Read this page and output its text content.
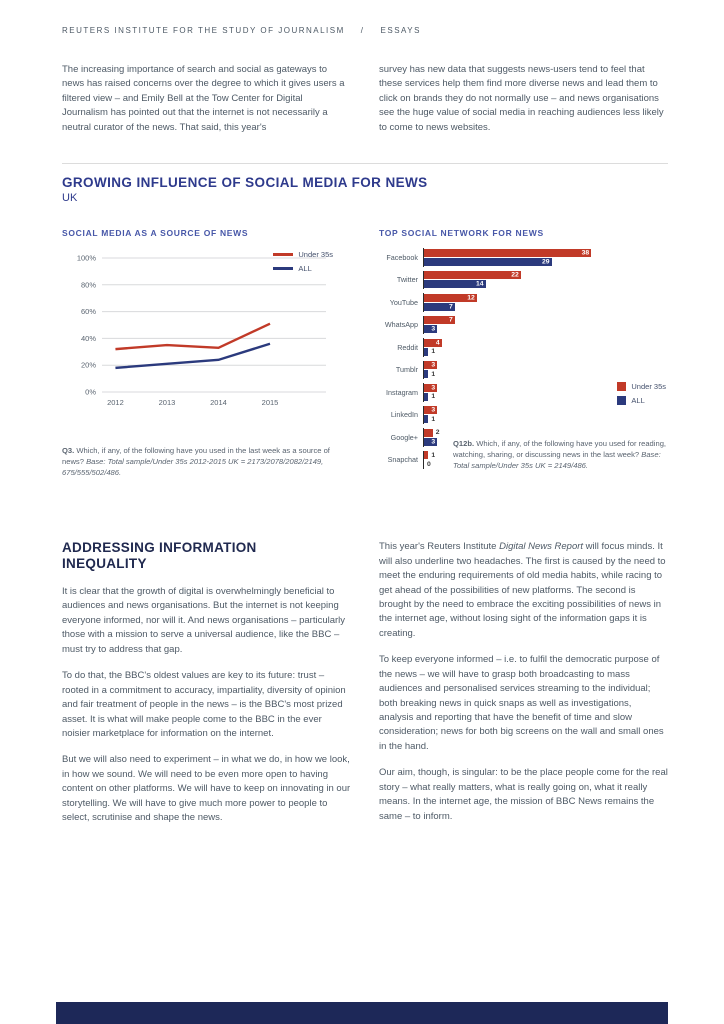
REUTERS INSTITUTE FOR THE STUDY OF JOURNALISM / ESSAYS

The increasing importance of search and social as gateways to news has raised concerns over the degree to which it gives users a filtered view – and Emily Bell at the Tow Center for Digital Journalism has pointed out that the internet is not necessarily a neutral curator of the news. That said, this year's

survey has new data that suggests news-users tend to feel that these services help them find more diverse news and lead them to click on brands they do not normally use – and news organisations see the huge value of social media in reaching audiences less likely to come to news websites.

GROWING INFLUENCE OF SOCIAL MEDIA FOR NEWS
UK
SOCIAL MEDIA AS A SOURCE OF NEWS
0%
20%
40%
60%
80%
100%
2012	2013	2014	2015
Under 35s
ALL
Q3. Which, if any, of the following have you used in the last week as a source of news? Base: Total sample/Under 35s 2012-2015 UK = 2173/2078/2082/2149, 675/555/502/486.
TOP SOCIAL NETWORK FOR NEWS
Facebook
38
29
Twitter
22
14
YouTube
12
7
WhatsApp
7
3
Reddit
4
1
Tumblr
3
1
Instagram
3
1
LinkedIn
3
1
Google+
2
3
Snapchat
1
0
Under 35s
ALL
Q12b. Which, if any, of the following have you used for reading, watching, sharing, or discussing news in the last week? Base: Total sample/Under 35s UK = 2149/486.
ADDRESSING INFORMATION INEQUALITY

It is clear that the growth of digital is overwhelmingly beneficial to audiences and news organisations. But the internet is not keeping everyone informed, nor will it. And news organisations – particularly those with a mission to serve a universal audience, like the BBC – must try to address that gap.

To do that, the BBC's oldest values are key to its future: trust – rooted in a commitment to accuracy, impartiality, diversity of opinion and fair treatment of people in the news – is the BBC's most prized asset. It is what will make people come to the BBC in the ever noisier marketplace for information on the internet.

But we will also need to experiment – in what we do, in how we look, in how we sound. We will need to be even more open to having content on other platforms. We will have to keep on innovating in our storytelling. We will have to give much more power to people to select, scrutinise and shape the news.

This year's Reuters Institute Digital News Report will focus minds. It will also underline two headaches. The first is caused by the need to meet the enduring requirements of old media habits, while racing to get ahead of the possibilities of new platforms. The second is brought by the need to embrace the exciting possibilities of news in the internet age, without losing sight of the information gaps it is creating.

To keep everyone informed – i.e. to fulfil the democratic purpose of the news – we will have to grasp both broadcasting to mass audiences and personalised services streaming to the individual; both breaking news in quick snaps as well as investigations, analysis and reporting that have the benefit of time and slow consideration; news for both big screens on the wall and small ones in the hand.

Our aim, though, is singular: to be the place people come for the real story – what really matters, what is really going on, what it really means. In the internet age, the mission of BBC News remains the same – to inform.
